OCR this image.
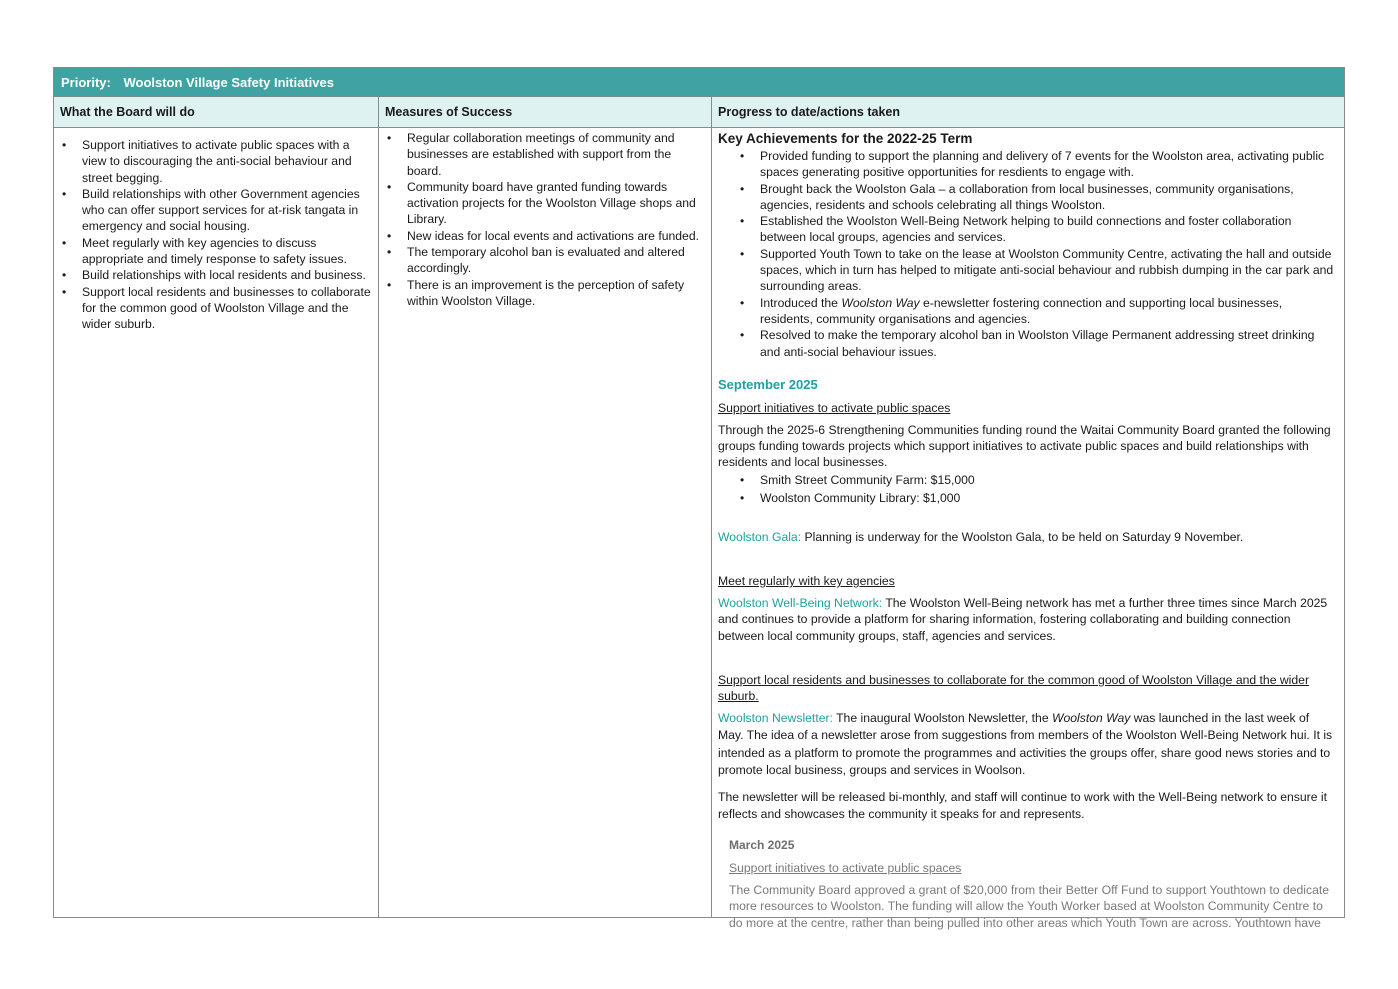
Priority: Woolston Village Safety Initiatives
What the Board will do	Measures of Success	Progress to date/actions taken
• Support initiatives to activate public spaces with a view to discouraging the anti-social behaviour and street begging.
• Build relationships with other Government agencies who can offer support services for at-risk tangata in emergency and social housing.
• Meet regularly with key agencies to discuss appropriate and timely response to safety issues.
• Build relationships with local residents and business.
• Support local residents and businesses to collaborate for the common good of Woolston Village and the wider suburb.
• Regular collaboration meetings of community and businesses are established with support from the board.
• Community board have granted funding towards activation projects for the Woolston Village shops and Library.
• New ideas for local events and activations are funded.
• The temporary alcohol ban is evaluated and altered accordingly.
• There is an improvement is the perception of safety within Woolston Village.
Key Achievements for the 2022-25 Term
• Provided funding to support the planning and delivery of 7 events for the Woolston area, activating public spaces generating positive opportunities for resdients to engage with.
• Brought back the Woolston Gala – a collaboration from local businesses, community organisations, agencies, residents and schools celebrating all things Woolston.
• Established the Woolston Well-Being Network helping to build connections and foster collaboration between local groups, agencies and services.
• Supported Youth Town to take on the lease at Woolston Community Centre, activating the hall and outside spaces, which in turn has helped to mitigate anti-social behaviour and rubbish dumping in the car park and surrounding areas.
• Introduced the Woolston Way e-newsletter fostering connection and supporting local businesses, residents, community organisations and agencies.
• Resolved to make the temporary alcohol ban in Woolston Village Permanent addressing street drinking and anti-social behaviour issues.
September 2025
Support initiatives to activate public spaces

Through the 2025-6 Strengthening Communities funding round the Waitai Community Board granted the following groups funding towards projects which support initiatives to activate public spaces and build relationships with residents and local businesses.

• Smith Street Community Farm: $15,000
• Woolston Community Library: $1,000

Woolston Gala: Planning is underway for the Woolston Gala, to be held on Saturday 9 November.

Meet regularly with key agencies

Woolston Well-Being Network: The Woolston Well-Being network has met a further three times since March 2025 and continues to provide a platform for sharing information, fostering collaborating and building connection between local community groups, staff, agencies and services.

Support local residents and businesses to collaborate for the common good of Woolston Village and the wider suburb.

Woolston Newsletter: The inaugural Woolston Newsletter, the Woolston Way was launched in the last week of May. The idea of a newsletter arose from suggestions from members of the Woolston Well-Being Network hui. It is intended as a platform to promote the programmes and activities the groups offer, share good news stories and to promote local business, groups and services in Woolson.

The newsletter will be released bi-monthly, and staff will continue to work with the Well-Being network to ensure it reflects and showcases the community it speaks for and represents.

March 2025
Support initiatives to activate public spaces

The Community Board approved a grant of $20,000 from their Better Off Fund to support Youthtown to dedicate more resources to Woolston. The funding will allow the Youth Worker based at Woolston Community Centre to do more at the centre, rather than being pulled into other areas which Youth Town are across. Youthtown have
